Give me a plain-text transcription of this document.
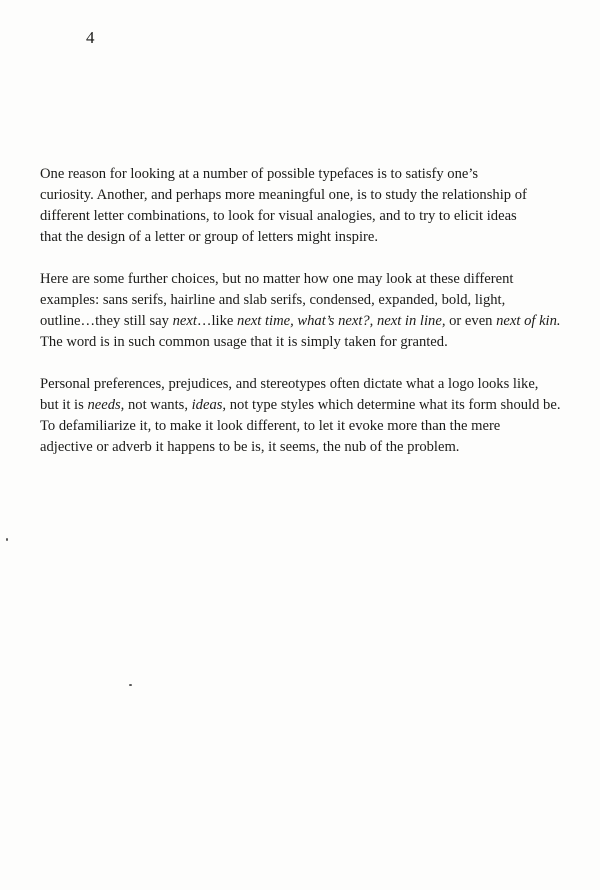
4

One reason for looking at a number of possible typefaces is to satisfy one’s
curiosity. Another, and perhaps more meaningful one, is to study the relationship of
different letter combinations, to look for visual analogies, and to try to elicit ideas
that the design of a letter or group of letters might inspire.

Here are some further choices, but no matter how one may look at these different
examples: sans serifs, hairline and slab serifs, condensed, expanded, bold, light,
outline…they still say next…like next time, what’s next?, next in line, or even next of kin.
The word is in such common usage that it is simply taken for granted.

Personal preferences, prejudices, and stereotypes often dictate what a logo looks like,
but it is needs, not wants, ideas, not type styles which determine what its form should be.
To defamiliarize it, to make it look different, to let it evoke more than the mere
adjective or adverb it happens to be is, it seems, the nub of the problem.
